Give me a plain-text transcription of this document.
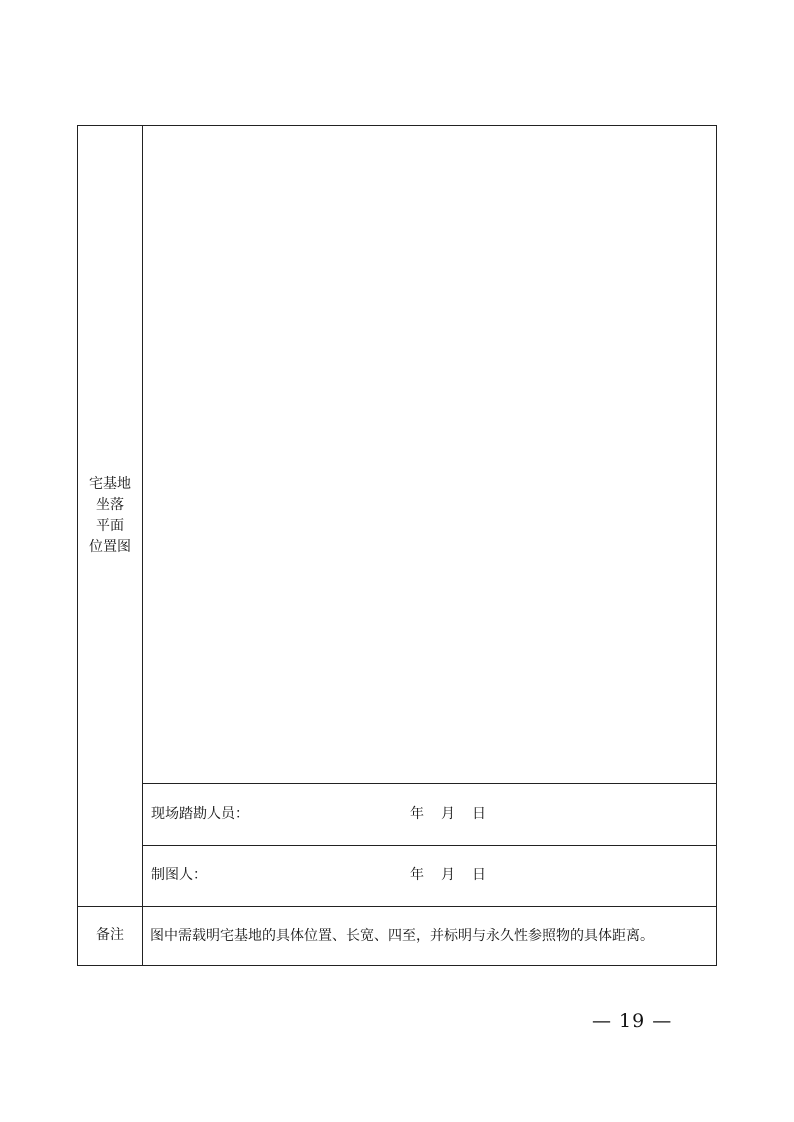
宅基地
坐落
平面
位置图
现场踏勘人员：	年 月 日
制图人：	年 月 日
备注 图中需载明宅基地的具体位置、长宽、四至，并标明与永久性参照物的具体距离。
— 19 —
